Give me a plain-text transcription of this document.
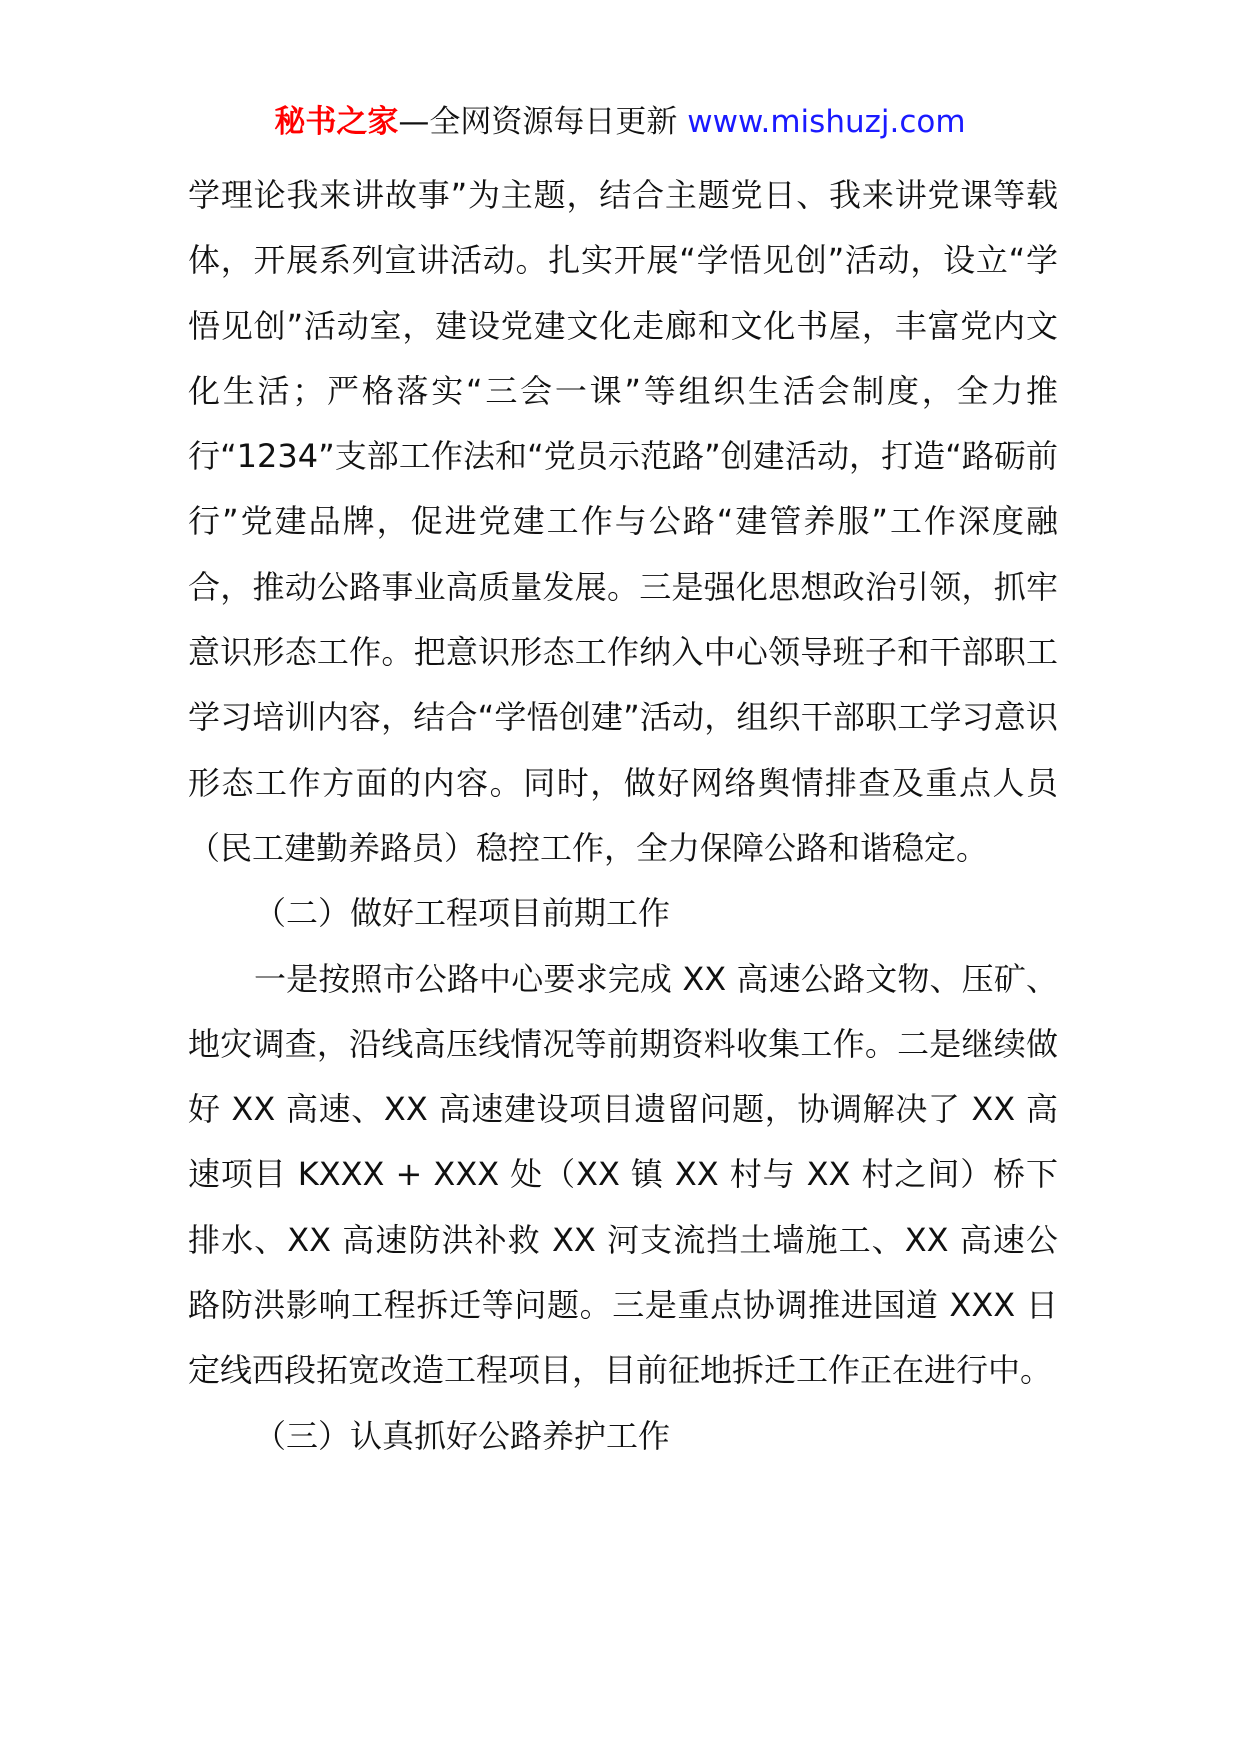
秘书之家—全网资源每日更新 www.mishuzj.com

学理论我来讲故事”为主题，结合主题党日、我来讲党课等载体，开展系列宣讲活动。扎实开展“学悟见创”活动，设立“学悟见创”活动室，建设党建文化走廊和文化书屋，丰富党内文化生活；严格落实“三会一课”等组织生活会制度，全力推行“1234”支部工作法和“党员示范路”创建活动，打造“路砺前行”党建品牌，促进党建工作与公路“建管养服”工作深度融合，推动公路事业高质量发展。三是强化思想政治引领，抓牢意识形态工作。把意识形态工作纳入中心领导班子和干部职工学习培训内容，结合“学悟创建”活动，组织干部职工学习意识形态工作方面的内容。同时，做好网络舆情排查及重点人员（民工建勤养路员）稳控工作，全力保障公路和谐稳定。

（二）做好工程项目前期工作

一是按照市公路中心要求完成 XX 高速公路文物、压矿、地灾调查，沿线高压线情况等前期资料收集工作。二是继续做好 XX 高速、XX 高速建设项目遗留问题，协调解决了 XX 高速项目 KXXX + XXX 处（XX 镇 XX 村与 XX 村之间）桥下排水、XX 高速防洪补救 XX 河支流挡土墙施工、XX 高速公路防洪影响工程拆迁等问题。三是重点协调推进国道 XXX 日定线西段拓宽改造工程项目，目前征地拆迁工作正在进行中。

（三）认真抓好公路养护工作
